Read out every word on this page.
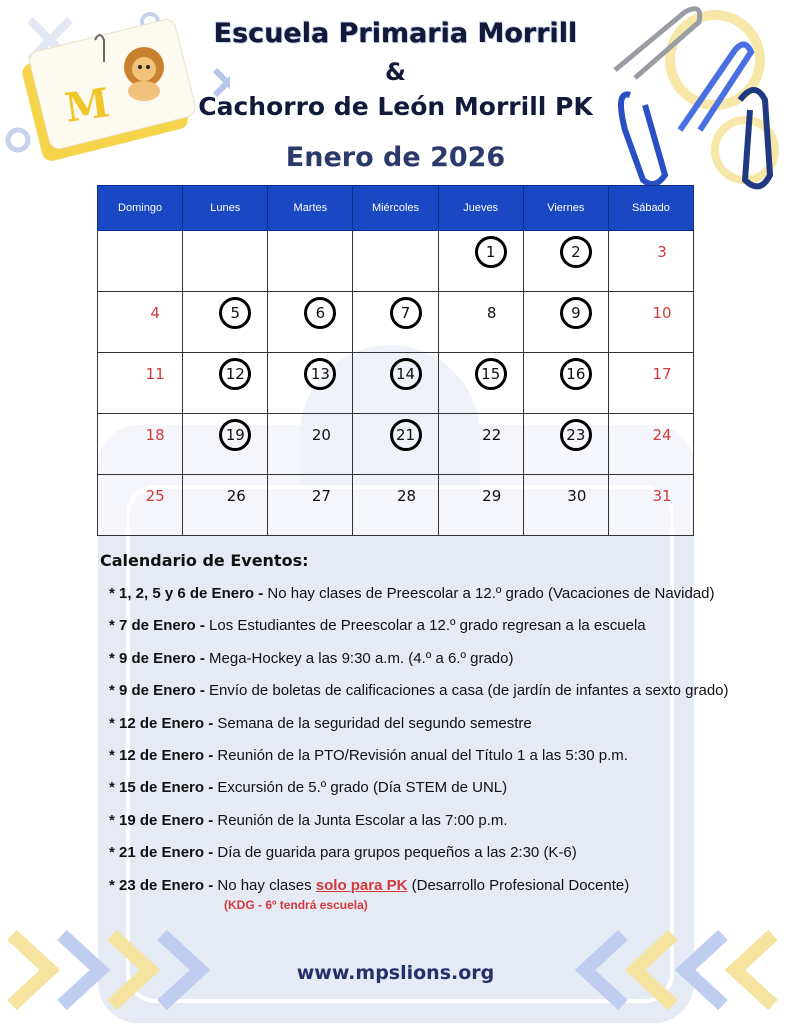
M
Escuela Primaria Morrill
&
Cachorro de León Morrill PK
Enero de 2026
Domingo	Lunes	Martes	Miércoles	Jueves	Viernes	Sábado

				1	2	3

4	5	6	7	8	9	10

11	12	13	14	15	16	17

18	19	20	21	22	23	24

25	26	27	28	29	30	31
Calendario de Eventos:
* 1, 2, 5 y 6 de Enero - No hay clases de Preescolar a 12.º grado (Vacaciones de Navidad)
* 7 de Enero - Los Estudiantes de Preescolar a 12.º grado regresan a la escuela
* 9 de Enero - Mega-Hockey a las 9:30 a.m. (4.º a 6.º grado)
* 9 de Enero - Envío de boletas de calificaciones a casa (de jardín de infantes a sexto grado)
* 12 de Enero - Semana de la seguridad del segundo semestre
* 12 de Enero - Reunión de la PTO/Revisión anual del Título 1 a las 5:30 p.m.
* 15 de Enero - Excursión de 5.º grado (Día STEM de UNL)
* 19 de Enero - Reunión de la Junta Escolar a las 7:00 p.m.
* 21 de Enero - Día de guarida para grupos pequeños a las 2:30 (K-6)
* 23 de Enero - No hay clases solo para PK (Desarrollo Profesional Docente)
(KDG - 6º tendrá escuela)
www.mpslions.org
